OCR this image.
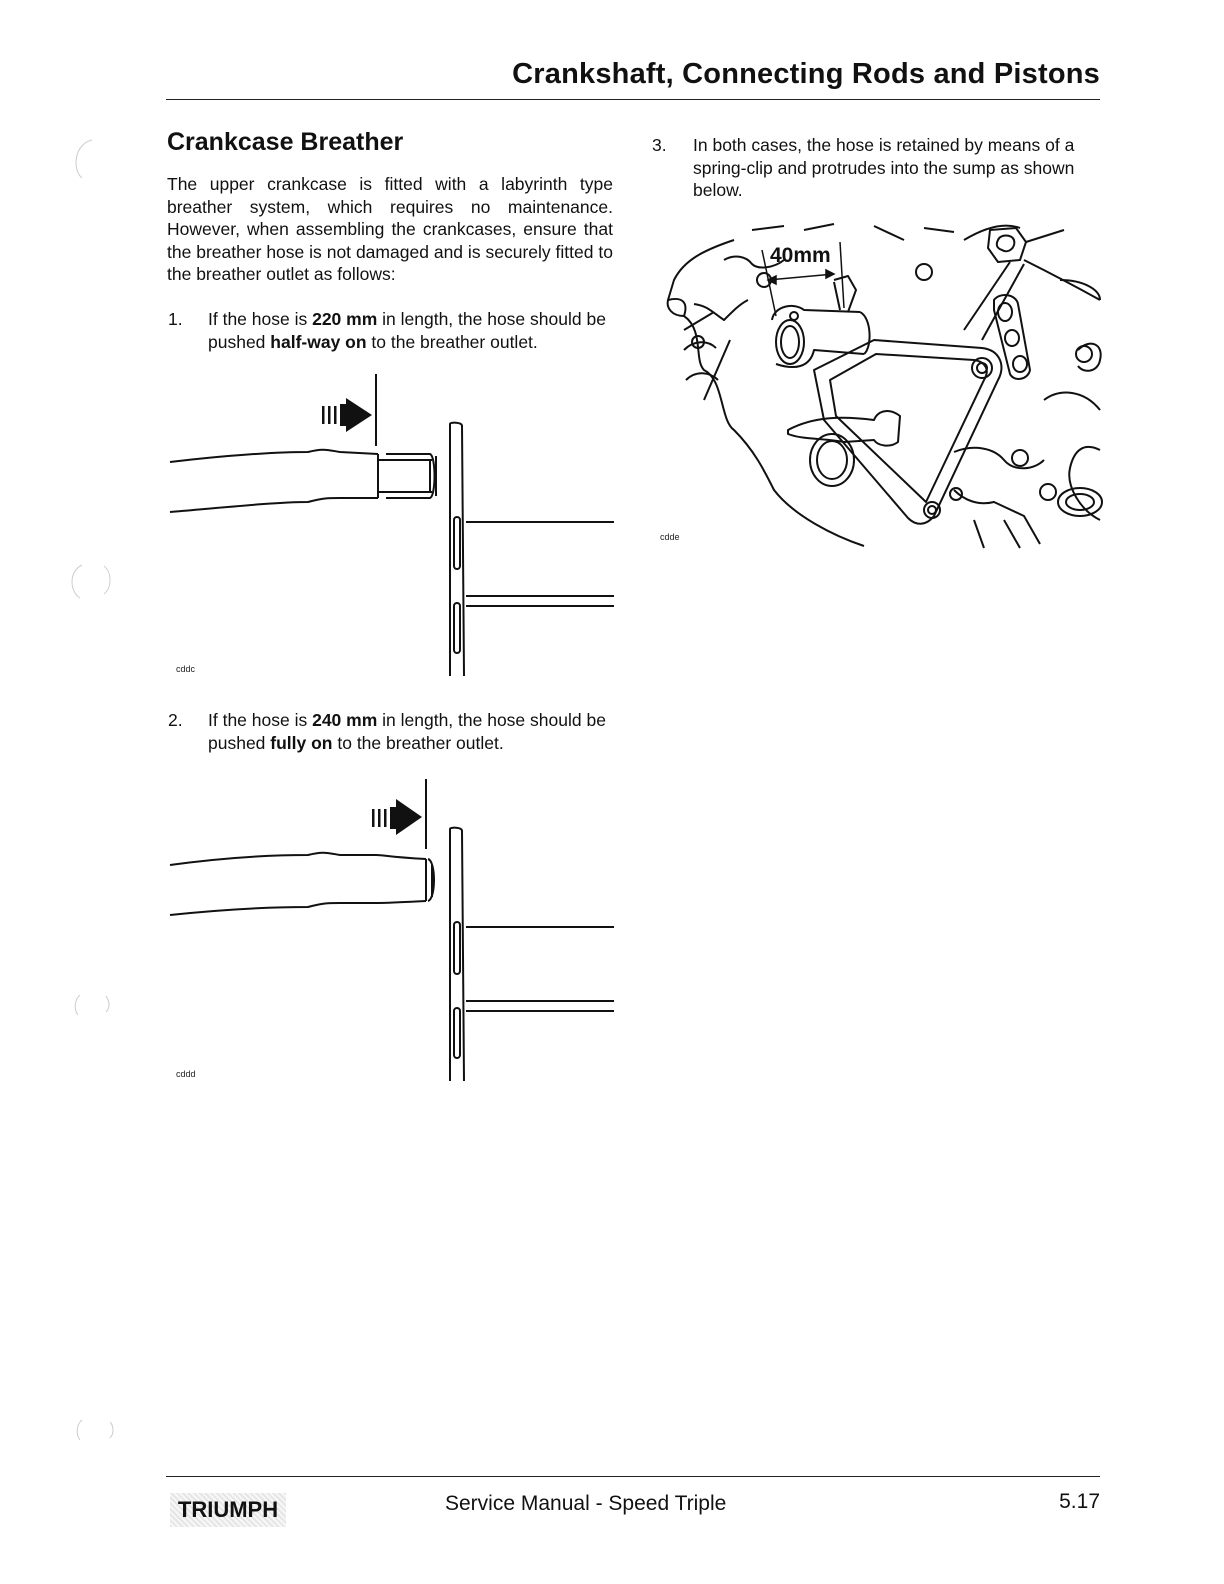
Crankshaft, Connecting Rods and Pistons
Crankcase Breather
The upper crankcase is fitted with a labyrinth type breather system, which requires no maintenance. However, when assembling the crankcases, ensure that the breather hose is not damaged and is securely fitted to the breather outlet as follows:
1. If the hose is 220 mm in length, the hose should be pushed half-way on to the breather outlet.
cddc
2. If the hose is 240 mm in length, the hose should be pushed fully on to the breather outlet.
cddd
3. In both cases, the hose is retained by means of a spring-clip and protrudes into the sump as shown below.
40mm
cdde
TRIUMPH	Service Manual - Speed Triple	5.17
